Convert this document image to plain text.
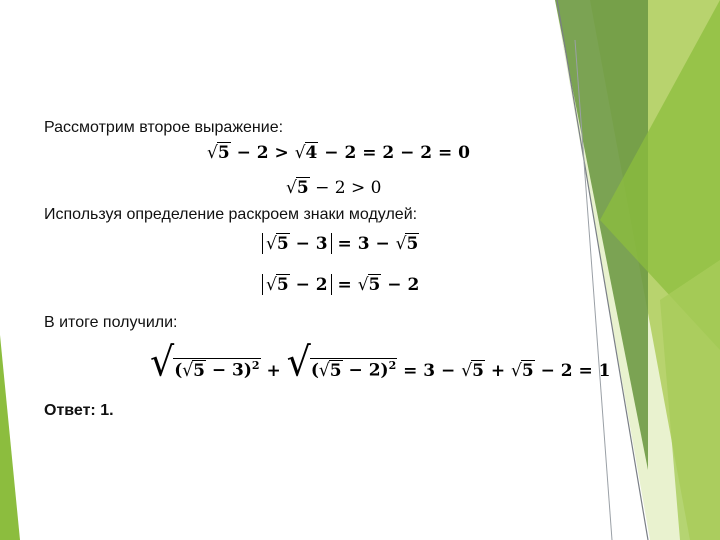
Рассмотрим второе выражение:
√ 5 − 2 > √ 4 − 2 = 2 − 2 = 0
√ 5 − 2 > 0
Используя определение раскроем знаки модулей:
√ 5 − 3 = 3 − √ 5
√ 5 − 2 = √ 5 − 2
В итоге получили:
√ ( √ 5 − 3)$^2$ + √ ( √ 5 − 2)$^2$ = 3 − √ 5 + √ 5 − 2 = 1
Ответ: 1.
